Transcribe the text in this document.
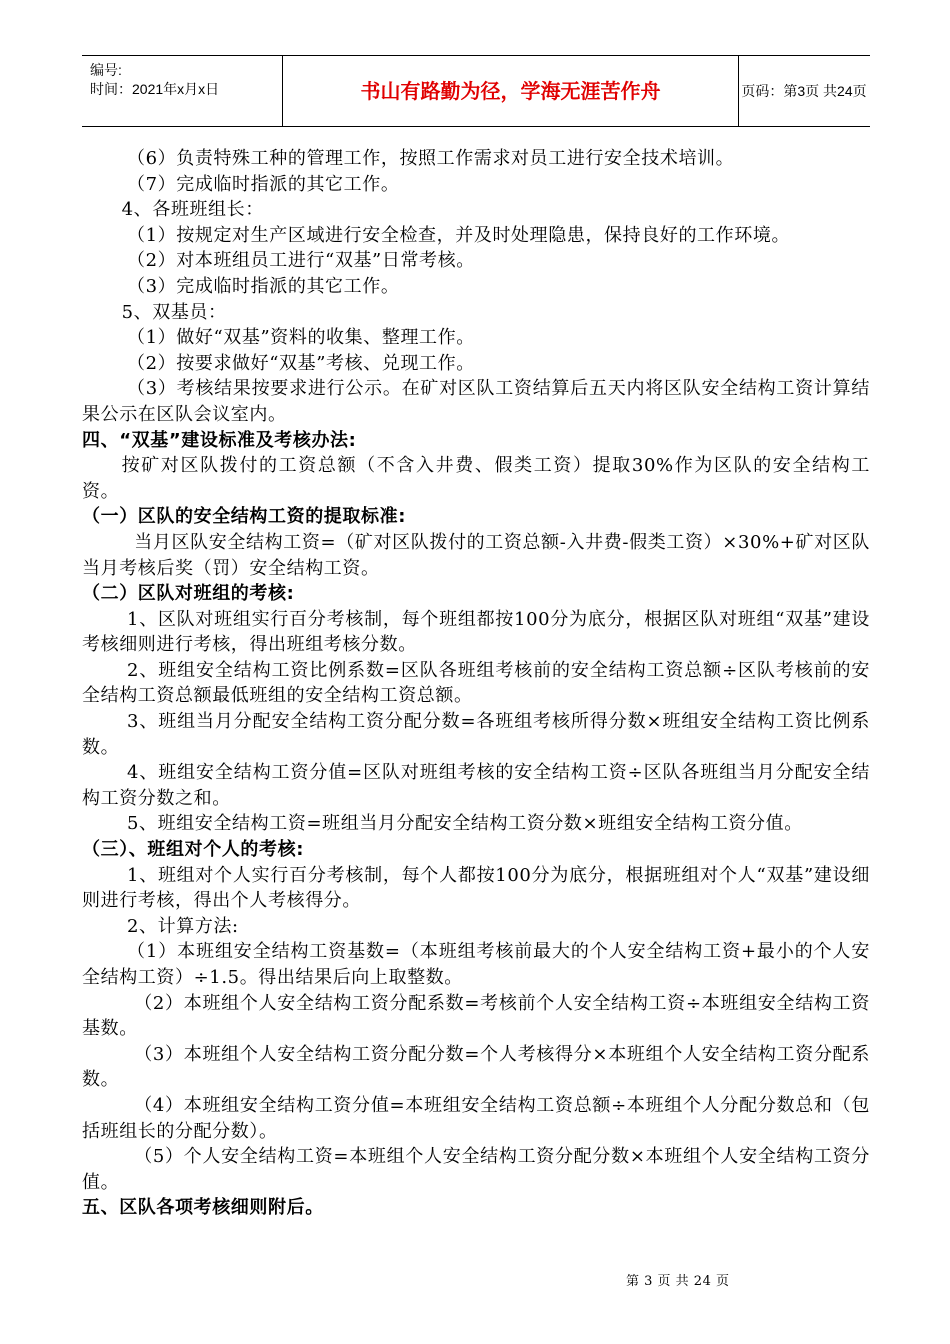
编号:
时间：2021年x月x日	书山有路勤为径，学海无涯苦作舟	页码：第3页 共24页

（6）负责特殊工种的管理工作，按照工作需求对员工进行安全技术培训。

（7）完成临时指派的其它工作。

4、各班班组长：

（1）按规定对生产区域进行安全检查，并及时处理隐患，保持良好的工作环境。

（2）对本班组员工进行“双基”日常考核。

（3）完成临时指派的其它工作。

5、双基员：

（1）做好“双基”资料的收集、整理工作。

（2）按要求做好“双基”考核、兑现工作。

（3）考核结果按要求进行公示。在矿对区队工资结算后五天内将区队安全结构工资计算结果公示在区队会议室内。

四、“双基”建设标准及考核办法:

按矿对区队拨付的工资总额（不含入井费、假类工资）提取30%作为区队的安全结构工资。

（一）区队的安全结构工资的提取标准:

当月区队安全结构工资=（矿对区队拨付的工资总额-入井费-假类工资）×30%+矿对区队当月考核后奖（罚）安全结构工资。

（二）区队对班组的考核:

1、区队对班组实行百分考核制，每个班组都按100分为底分，根据区队对班组“双基”建设考核细则进行考核，得出班组考核分数。

2、班组安全结构工资比例系数=区队各班组考核前的安全结构工资总额÷区队考核前的安全结构工资总额最低班组的安全结构工资总额。

3、班组当月分配安全结构工资分配分数=各班组考核所得分数×班组安全结构工资比例系数。

4、班组安全结构工资分值=区队对班组考核的安全结构工资÷区队各班组当月分配安全结构工资分数之和。

5、班组安全结构工资=班组当月分配安全结构工资分数×班组安全结构工资分值。

（三）、班组对个人的考核:

1、班组对个人实行百分考核制，每个人都按100分为底分，根据班组对个人“双基”建设细则进行考核，得出个人考核得分。

2、计算方法:

（1）本班组安全结构工资基数=（本班组考核前最大的个人安全结构工资+最小的个人安全结构工资）÷1.5。得出结果后向上取整数。

（2）本班组个人安全结构工资分配系数=考核前个人安全结构工资÷本班组安全结构工资基数。

（3）本班组个人安全结构工资分配分数=个人考核得分×本班组个人安全结构工资分配系数。

（4）本班组安全结构工资分值=本班组安全结构工资总额÷本班组个人分配分数总和（包括班组长的分配分数）。

（5）个人安全结构工资=本班组个人安全结构工资分配分数×本班组个人安全结构工资分值。

五、区队各项考核细则附后。

第 3 页 共 24 页
